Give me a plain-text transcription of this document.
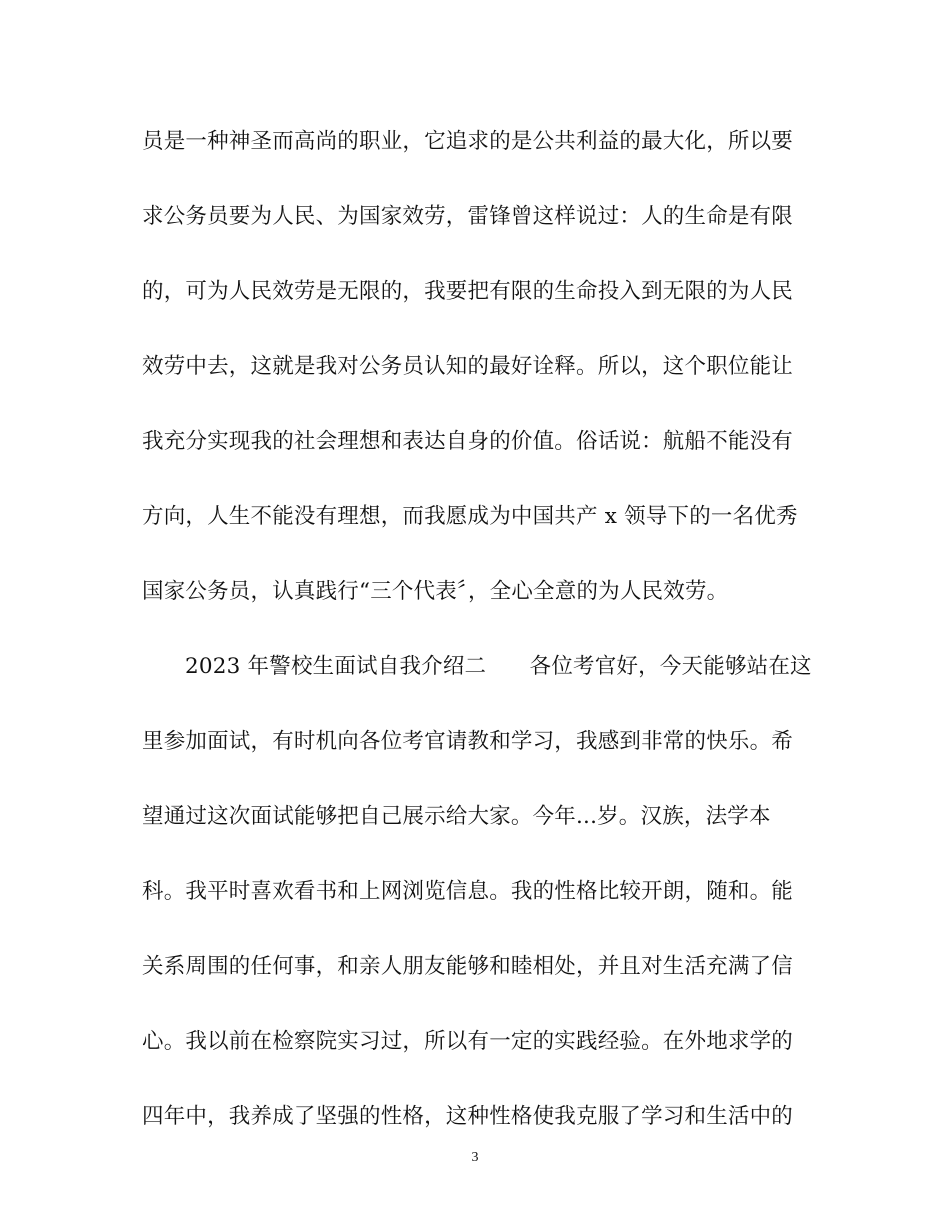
员是一种神圣而高尚的职业，它追求的是公共利益的最大化，所以要
求公务员要为人民、为国家效劳，雷锋曾这样说过：人的生命是有限
的，可为人民效劳是无限的，我要把有限的生命投入到无限的为人民
效劳中去，这就是我对公务员认知的最好诠释。所以，这个职位能让
我充分实现我的社会理想和表达自身的价值。俗话说：航船不能没有
方向，人生不能没有理想，而我愿成为中国共产 x 领导下的一名优秀
国家公务员，认真践行“三个代表〞，全心全意的为人民效劳。
2023 年警校生面试自我介绍二　　各位考官好，今天能够站在这
里参加面试，有时机向各位考官请教和学习，我感到非常的快乐。希
望通过这次面试能够把自己展示给大家。今年...岁。汉族，法学本
科。我平时喜欢看书和上网浏览信息。我的性格比较开朗，随和。能
关系周围的任何事，和亲人朋友能够和睦相处，并且对生活充满了信
心。我以前在检察院实习过，所以有一定的实践经验。在外地求学的
四年中，我养成了坚强的性格，这种性格使我克服了学习和生活中的
3
